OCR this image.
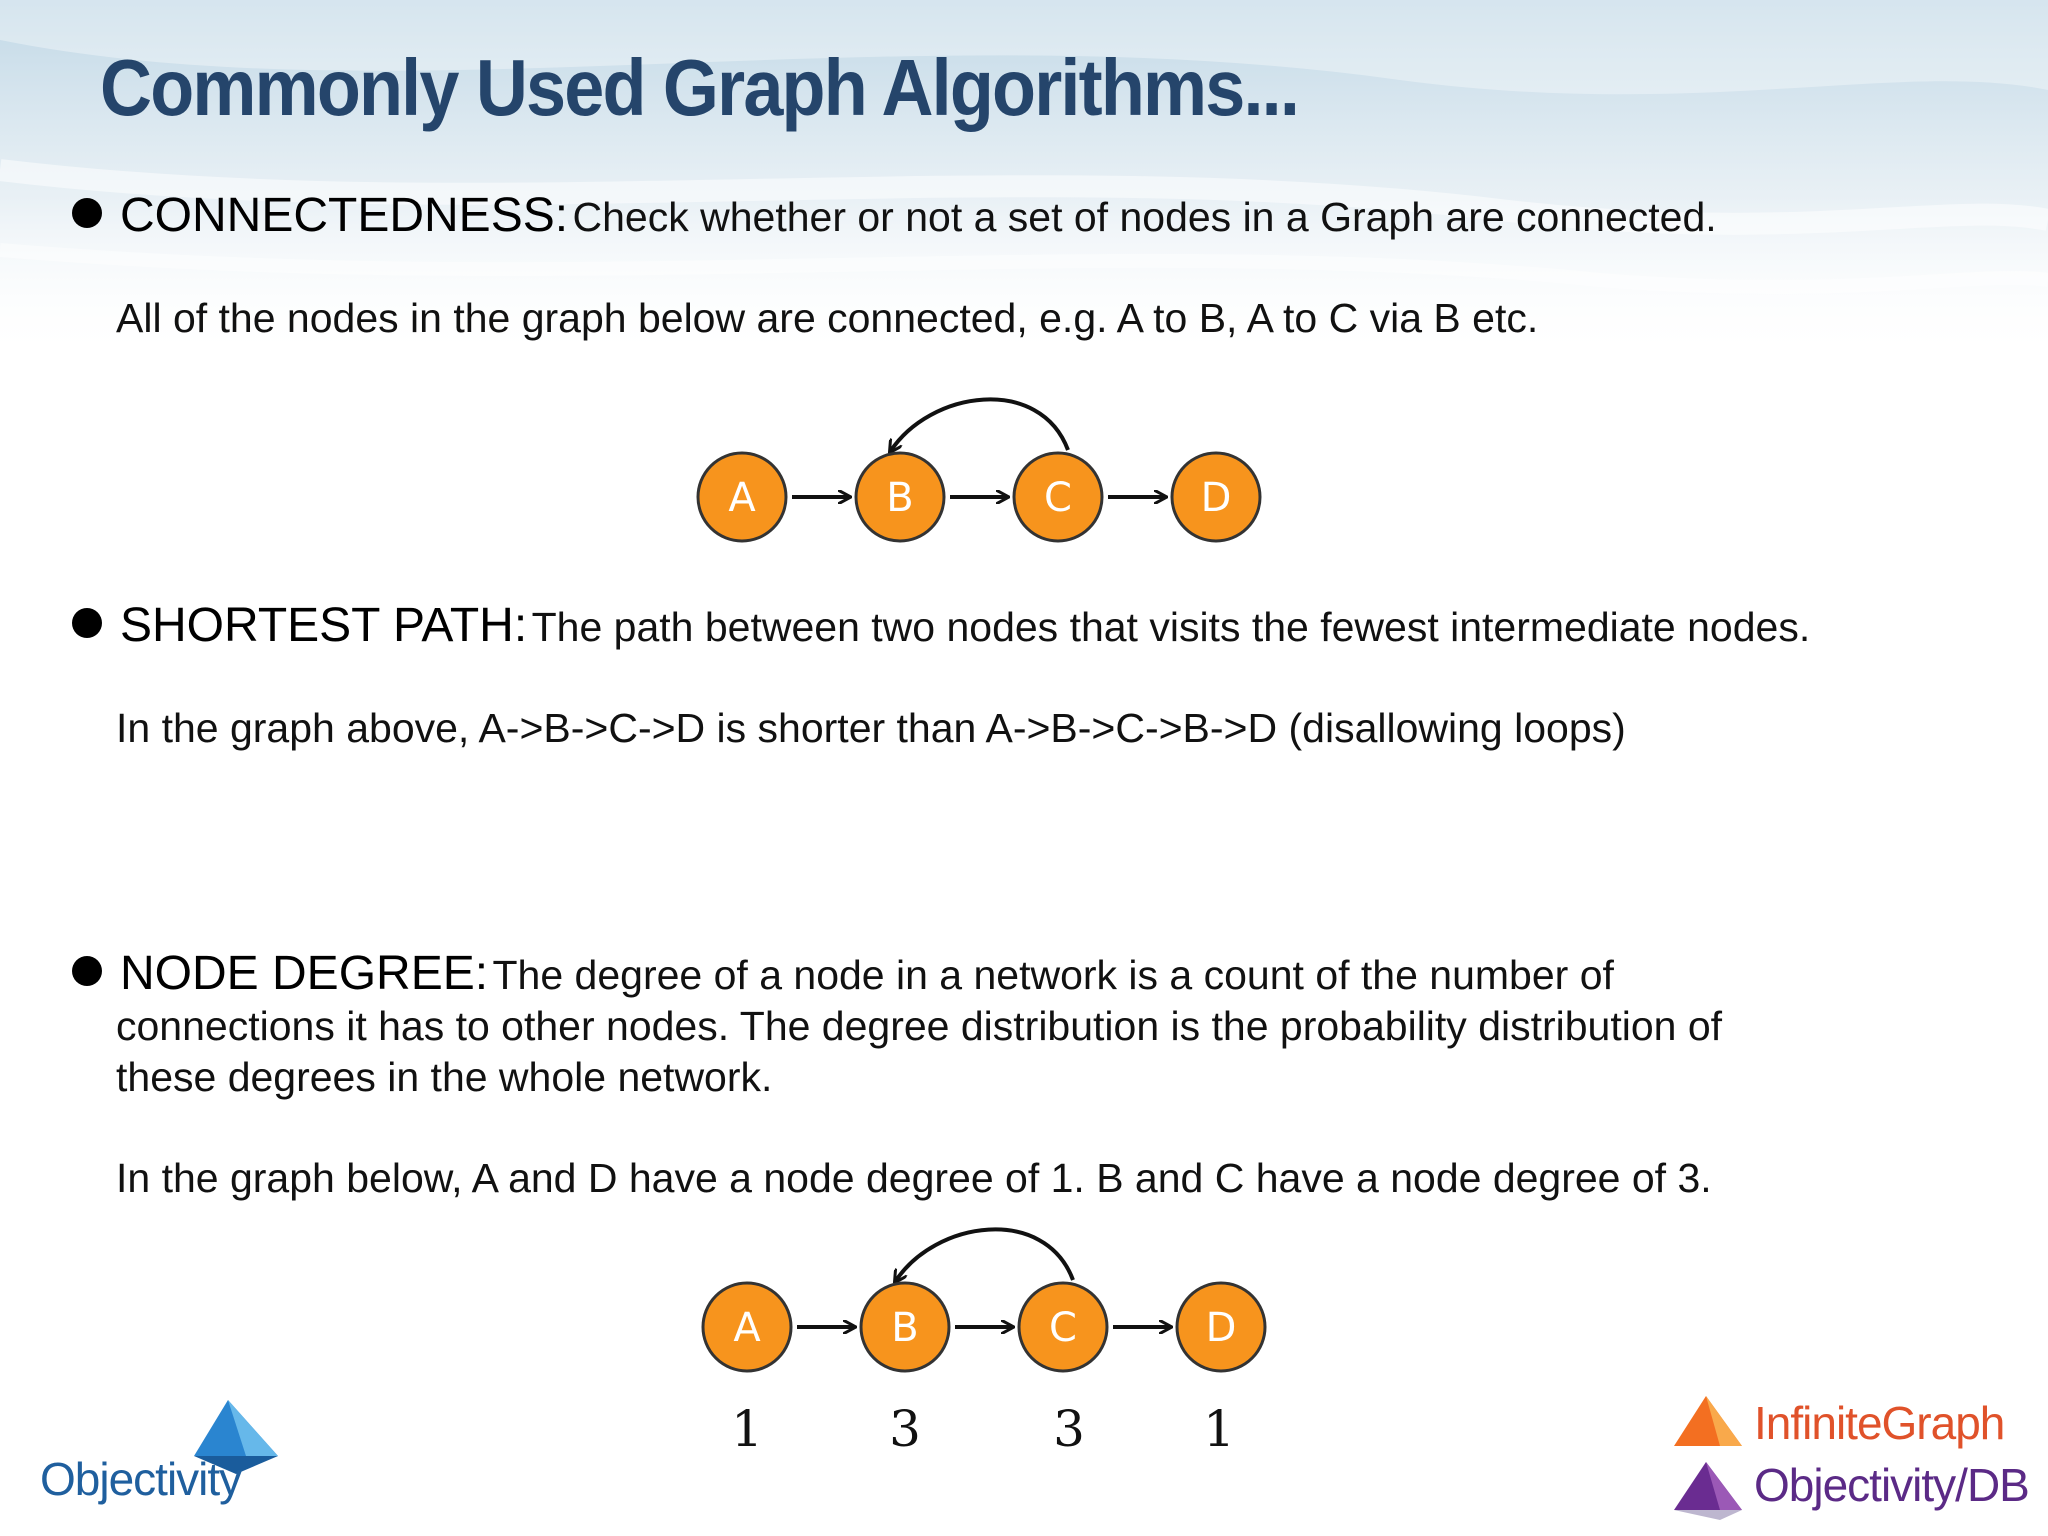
Commonly Used Graph Algorithms...
CONNECTEDNESS: Check whether or not a set of nodes in a Graph are connected.
All of the nodes in the graph below are connected, e.g. A to B, A to C via B etc.
A	B	C	D
SHORTEST PATH: The path between two nodes that visits the fewest intermediate nodes.
In the graph above, A->B->C->D is shorter than A->B->C->B->D (disallowing loops)
NODE DEGREE: The degree of a node in a network is a count of the number of
connections it has to other nodes. The degree distribution is the probability distribution of
these degrees in the whole network.
In the graph below, A and D have a node degree of 1. B and C have a node degree of 3.
A	B	C	D
1	3	3 1
Objectivity
InfiniteGraph
Objectivity/DB
